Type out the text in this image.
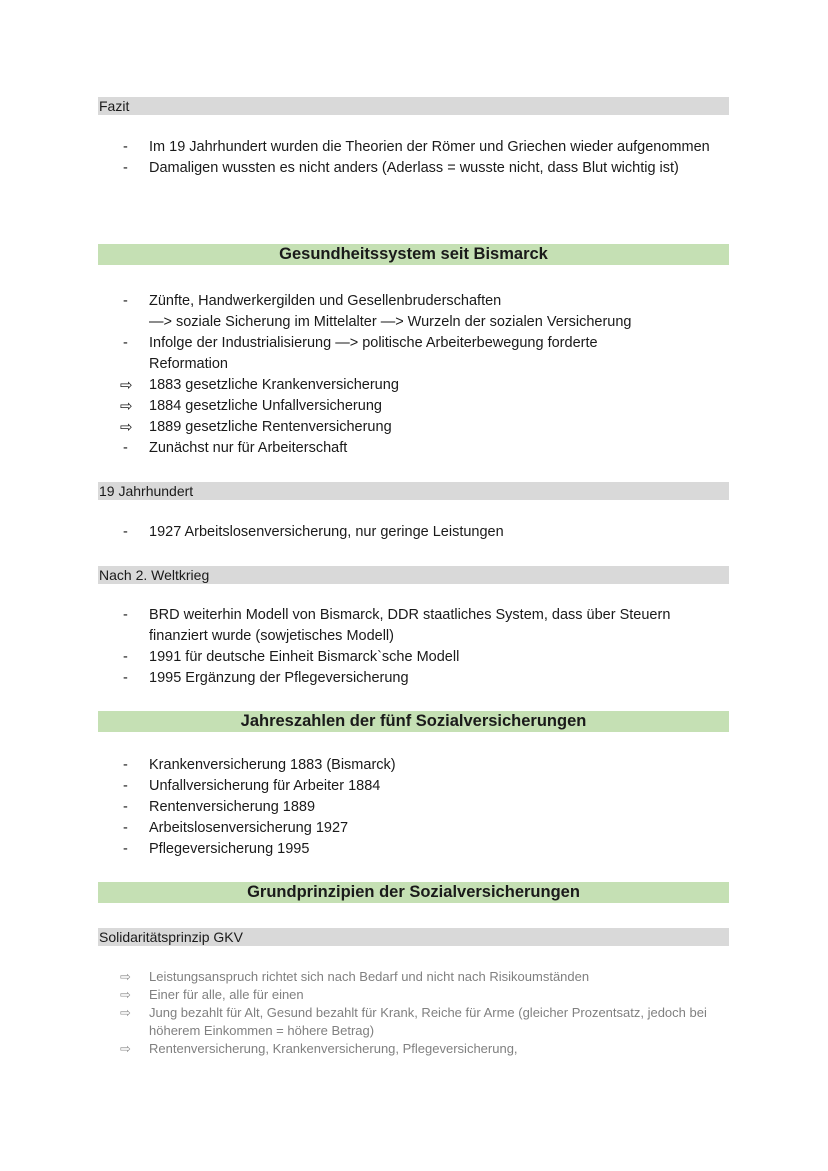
Fazit
-	Im 19 Jahrhundert wurden die Theorien der Römer und Griechen wieder aufgenommen
-	Damaligen wussten es nicht anders (Aderlass = wusste nicht, dass Blut wichtig ist)
Gesundheitssystem seit Bismarck
-	Zünfte, Handwerkergilden und Gesellenbruderschaften
—> soziale Sicherung im Mittelalter —> Wurzeln der sozialen Versicherung
-	Infolge der Industrialisierung —> politische Arbeiterbewegung forderte Reformation
⇨	1883 gesetzliche Krankenversicherung
⇨	1884 gesetzliche Unfallversicherung
⇨	1889 gesetzliche Rentenversicherung
-	Zunächst nur für Arbeiterschaft
19 Jahrhundert
-	1927 Arbeitslosenversicherung, nur geringe Leistungen
Nach 2. Weltkrieg
-	BRD weiterhin Modell von Bismarck, DDR staatliches System, dass über Steuern finanziert wurde (sowjetisches Modell)
-	1991 für deutsche Einheit Bismarck`sche Modell
-	1995 Ergänzung der Pflegeversicherung
Jahreszahlen der fünf Sozialversicherungen
-	Krankenversicherung 1883 (Bismarck)
-	Unfallversicherung für Arbeiter 1884
-	Rentenversicherung 1889
-	Arbeitslosenversicherung 1927
-	Pflegeversicherung 1995
Grundprinzipien der Sozialversicherungen
Solidaritätsprinzip GKV
⇨	Leistungsanspruch richtet sich nach Bedarf und nicht nach Risikoumständen
⇨	Einer für alle, alle für einen
⇨	Jung bezahlt für Alt, Gesund bezahlt für Krank, Reiche für Arme (gleicher Prozentsatz, jedoch bei höherem Einkommen = höhere Betrag)
⇨	Rentenversicherung, Krankenversicherung, Pflegeversicherung,
